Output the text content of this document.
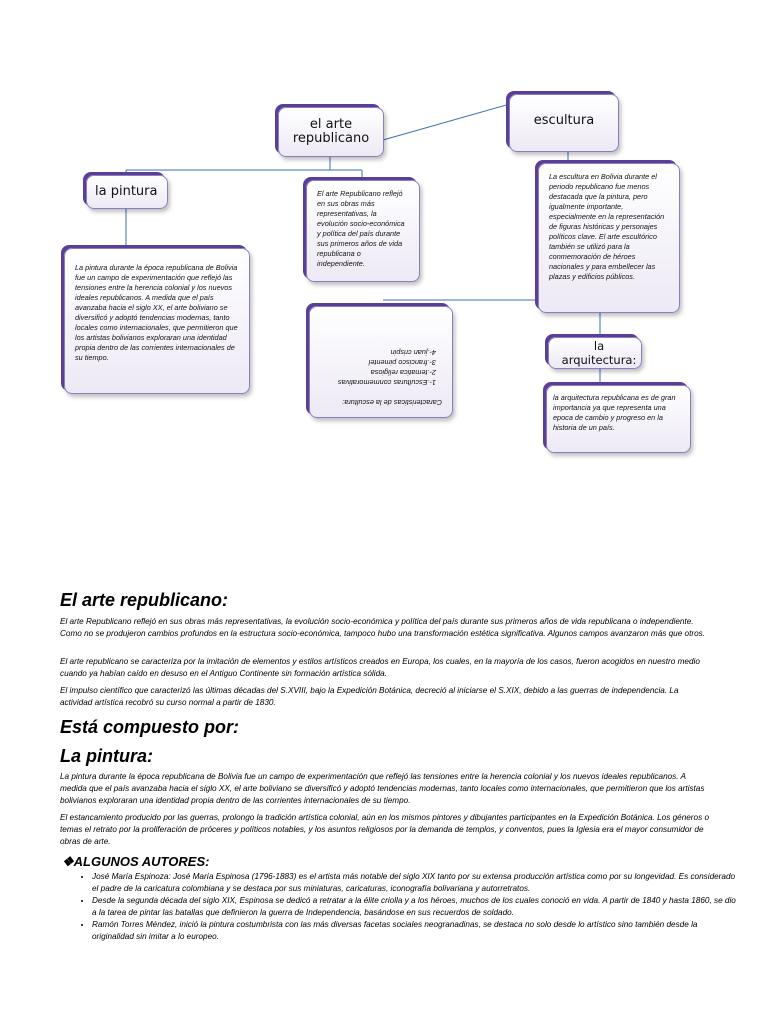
el arte republicano
escultura
la pintura	El arte Republicano reflejó en sus obras más representativas, la evolución socio-económica y política del país durante sus primeros años de vida republicana o independiente.
La escultura en Bolivia durante el periodo republicano fue menos destacada que la pintura, pero igualmente importante, especialmente en la representación de figuras históricas y personajes políticos clave. El arte escultórico también se utilizó para la conmemoración de héroes nacionales y para embellecer las plazas y edificios públicos.
La pintura durante la época republicana de Bolivia fue un campo de experimentación que reflejó las tensiones entre la herencia colonial y los nuevos ideales republicanos. A medida que el país avanzaba hacia el siglo XX, el arte boliviano se diversificó y adoptó tendencias modernas, tanto locales como internacionales, que permitieron que los artistas bolivianos exploraran una identidad propia dentro de las corrientes internacionales de su tiempo.
Caracteristicas de la escultura:
1-.Esculturas conmemorativas
2-.tematica religiosa
3-.francisco pimentel
4-.juan crispin	la arquitectura:
la arquitectura republicana es de gran importancia ya que representa una epoca de cambio y progreso en la historia de un país.
El arte republicano:

El arte Republicano reflejó en sus obras más representativas, la evolución socio-económica y política del país durante sus primeros años de vida republicana o independiente. Como no se produjeron cambios profundos en la estructura socio-económica, tampoco hubo una transformación estética significativa. Algunos campos avanzaron más que otros.

El arte republicano se caracteriza por la imitación de elementos y estilos artísticos creados en Europa, los cuales, en la mayoría de los casos, fueron acogidos en nuestro medio cuando ya habían caído en desuso en el Antiguo Continente sin formación artística sólida.

El impulso científico que caracterizó las últimas décadas del S.XVIII, bajo la Expedición Botánica, decreció al iniciarse el S.XIX, debido a las guerras de independencia. La actividad artística recobró su curso normal a partir de 1830.

Está compuesto por:
La pintura:

La pintura durante la época republicana de Bolivia fue un campo de experimentación que reflejó las tensiones entre la herencia colonial y los nuevos ideales republicanos. A medida que el país avanzaba hacia el siglo XX, el arte boliviano se diversificó y adoptó tendencias modernas, tanto locales como internacionales, que permitieron que los artistas bolivianos exploraran una identidad propia dentro de las corrientes internacionales de su tiempo.

El estancamiento producido por las guerras, prolongo la tradición artística colonial, aún en los mismos pintores y dibujantes participantes en la Expedición Botánica. Los géneros o temas el retrato por la proliferación de próceres y políticos notables, y los asuntos religiosos por la demanda de templos, y conventos, pues la Iglesia era el mayor consumidor de obras de arte.

❖ALGUNOS AUTORES:
• José María Espinoza: José María Espinosa (1796-1883) es el artista más notable del siglo XIX tanto por su extensa producción artística como por su longevidad. Es considerado el padre de la caricatura colombiana y se destaca por sus miniaturas, caricaturas, iconografía bolivariana y autorretratos.
• Desde la segunda década del siglo XIX, Espinosa se dedicó a retratar a la élite criolla y a los héroes, muchos de los cuales conoció en vida. A partir de 1840 y hasta 1860, se dio a la tarea de pintar las batallas que definieron la guerra de Independencia, basándose en sus recuerdos de soldado.
• Ramón Torres Méndez, inició la pintura costumbrista con las más diversas facetas sociales neogranadinas, se destaca no solo desde lo artístico sino también desde la originalidad sin imitar a lo europeo.
